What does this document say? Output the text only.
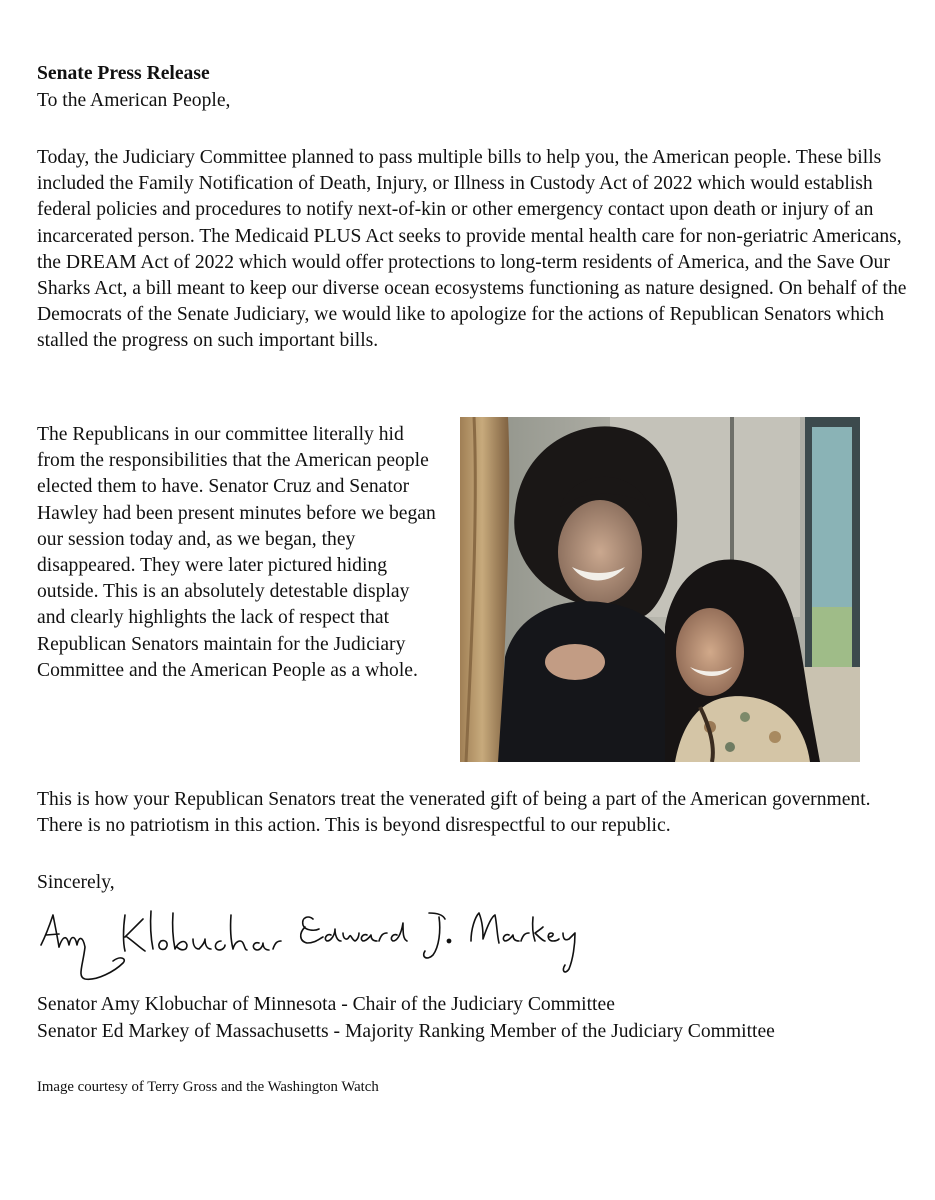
Senate Press Release

To the American People,

Today, the Judiciary Committee planned to pass multiple bills to help you, the American people. These bills included the Family Notification of Death, Injury, or Illness in Custody Act of 2022 which would establish federal policies and procedures to notify next-of-kin or other emergency contact upon death or injury of an incarcerated person. The Medicaid PLUS Act seeks to provide mental health care for non-geriatric Americans, the DREAM Act of 2022 which would offer protections to long-term residents of America, and the Save Our Sharks Act, a bill meant to keep our diverse ocean ecosystems functioning as nature designed. On behalf of the Democrats of the Senate Judiciary, we would like to apologize for the actions of Republican Senators which stalled the progress on such important bills.

The Republicans in our committee literally hid from the responsibilities that the American people elected them to have. Senator Cruz and Senator Hawley had been present minutes before we began our session today and, as we began, they disappeared. They were later pictured hiding outside. This is an absolutely detestable display and clearly highlights the lack of respect that Republican Senators maintain for the Judiciary Committee and the American People as a whole.

This is how your Republican Senators treat the venerated gift of being a part of the American government. There is no patriotism in this action. This is beyond disrespectful to our republic.

Sincerely,

Senator Amy Klobuchar of Minnesota - Chair of the Judiciary Committee

Senator Ed Markey of Massachusetts - Majority Ranking Member of the Judiciary Committee

Image courtesy of Terry Gross and the Washington Watch
